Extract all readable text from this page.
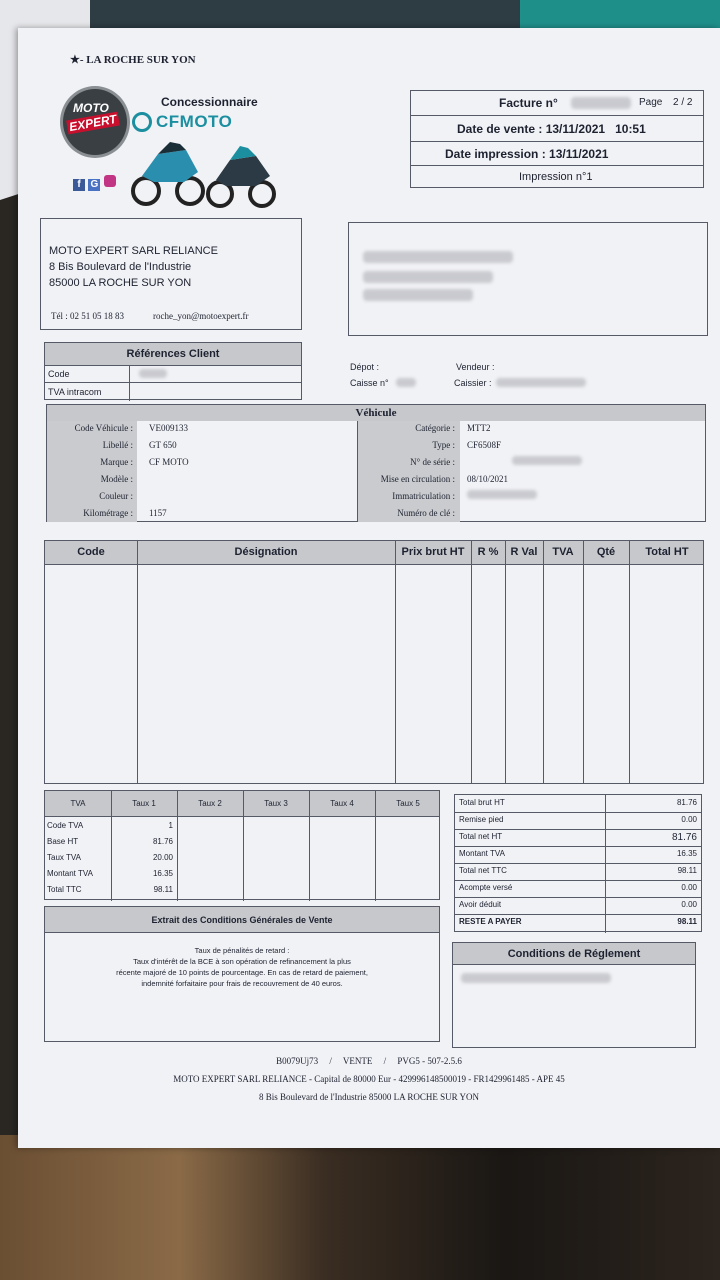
★- LA ROCHE SUR YON
MOTO
EXPERT
Concessionnaire
CFMOTO
f G
Facture n°	Page 2 / 2
Date de vente : 13/11/2021   10:51
Date impression : 13/11/2021
Impression n°1
MOTO EXPERT SARL RELIANCE
8 Bis Boulevard de l'Industrie
85000 LA ROCHE SUR YON
Tél : 02 51 05 18 83	roche_yon@motoexpert.fr
Références Client
Code
TVA intracom
Dépot :
Caisse n°
Vendeur :
Caissier :
Véhicule
Code Véhicule : VE009133
Libellé : GT 650
Marque : CF MOTO
Modèle :
Couleur :
Kilométrage : 1157
Catégorie : MTT2
Type : CF6508F
N° de série :
Mise en circulation : 08/10/2021
Immatriculation :
Numéro de clé :
Code	Désignation	Prix brut HT	R %	R Val	TVA	Qté	Total HT
TVA	Taux 1	Taux 2	Taux 3	Taux 4	Taux 5
Code TVA	1
Base HT	81.76
Taux TVA	20.00
Montant TVA	16.35
Total TTC	98.11
Total brut HT	81.76
Remise pied	0.00
Total net HT	81.76
Montant TVA	16.35
Total net TTC	98.11
Acompte versé	0.00
Avoir déduit	0.00
RESTE A PAYER	98.11
Extrait des Conditions Générales de Vente
Taux de pénalités de retard :
Taux d'intérêt de la BCE à son opération de refinancement la plus
récente majoré de 10 points de pourcentage. En cas de retard de paiement,
indemnité forfaitaire pour frais de recouvrement de 40 euros.
Conditions de Réglement
B0079Uj73     /     VENTE     /     PVG5 - 507-2.5.6
MOTO EXPERT SARL RELIANCE - Capital de 80000 Eur - 429996148500019 - FR1429961485 - APE 45
8 Bis Boulevard de l'Industrie 85000 LA ROCHE SUR YON
